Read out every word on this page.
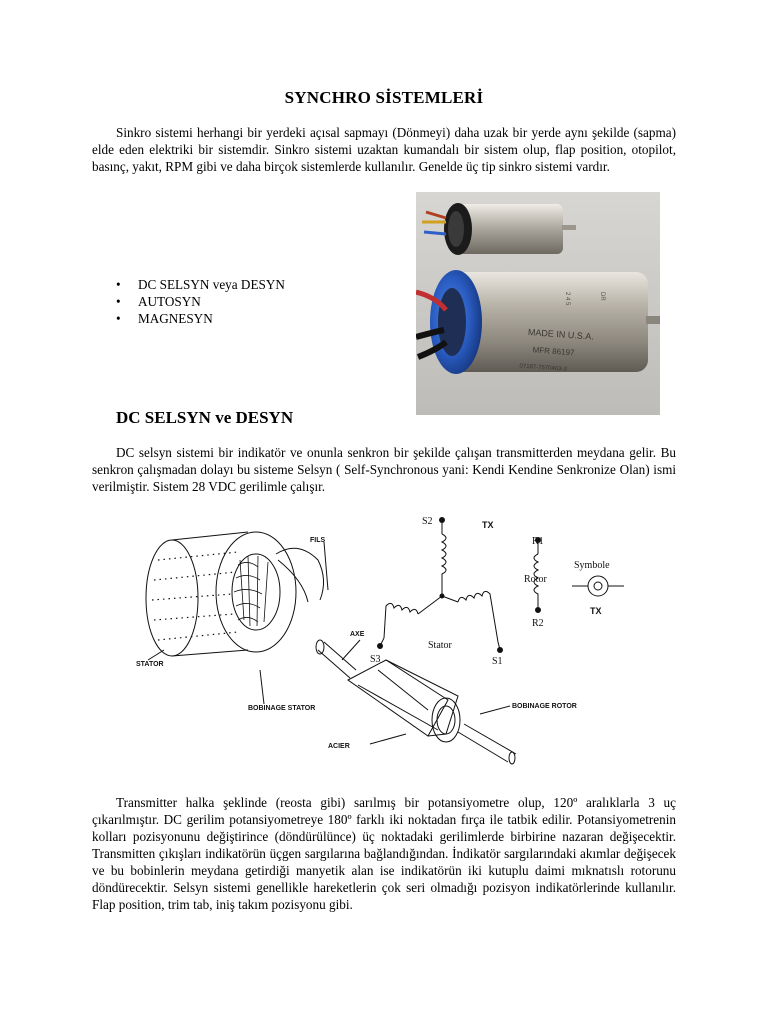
SYNCHRO SİSTEMLERİ

Sinkro sistemi herhangi bir yerdeki açısal sapmayı (Dönmeyi) daha uzak bir yerde aynı şekilde (sapma) elde eden elektriki bir sistemdir. Sinkro sistemi uzaktan kumandalı bir sistem olup, flap position, otopilot, basınç, yakıt, RPM gibi ve daha birçok sistemlerde kullanılır. Genelde üç tip sinkro sistemi vardır.

• DC SELSYN veya DESYN
• AUTOSYN
• MAGNESYN
MADE IN U.S.A.
MFR 86197
07187-7570463-3
2 4 5	DR
DC SELSYN ve DESYN

DC selsyn sistemi bir indikatör ve onunla senkron bir şekilde çalışan transmitterden meydana gelir. Bu senkron çalışmadan dolayı bu sisteme Selsyn ( Self-Synchronous yani: Kendi Kendine Senkronize Olan) ismi verilmiştir. Sistem 28 VDC gerilimle çalışır.

FILS
STATOR
AXE
BOBINAGE STATOR	BOBINAGE ROTOR
ACIER
S2	TX
R1
Rotor
R2
Symbole
TX
Stator
S3	S1

Transmitter halka şeklinde (reosta gibi) sarılmış bir potansiyometre olup, 120º aralıklarla 3 uç çıkarılmıştır. DC gerilim potansiyometreye 180º farklı iki noktadan fırça ile tatbik edilir. Potansiyometrenin kolları pozisyonunu değiştirince (döndürülünce) üç noktadaki gerilimlerde birbirine nazaran değişecektir. Transmitten çıkışları indikatörün üçgen sargılarına bağlandığından. İndikatör sargılarındaki akımlar değişecek ve bu bobinlerin meydana getirdiği manyetik alan ise indikatörün iki kutuplu daimi mıknatıslı rotorunu döndürecektir. Selsyn sistemi genellikle hareketlerin çok seri olmadığı pozisyon indikatörlerinde kullanılır. Flap position, trim tab, iniş takım pozisyonu gibi.
